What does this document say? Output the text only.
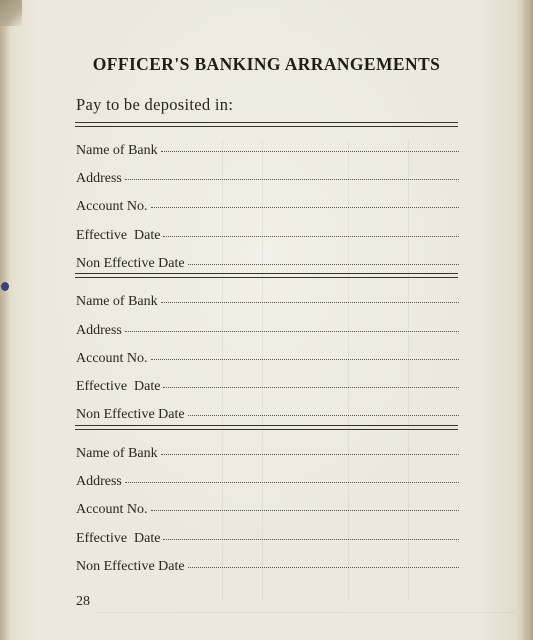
OFFICER'S BANKING ARRANGEMENTS

Pay to be deposited in:

Name of Bank
Address
Account No.
Effective  Date
Non Effective Date
Name of Bank
Address
Account No.
Effective  Date
Non Effective Date
Name of Bank
Address
Account No.
Effective  Date
Non Effective Date

28
